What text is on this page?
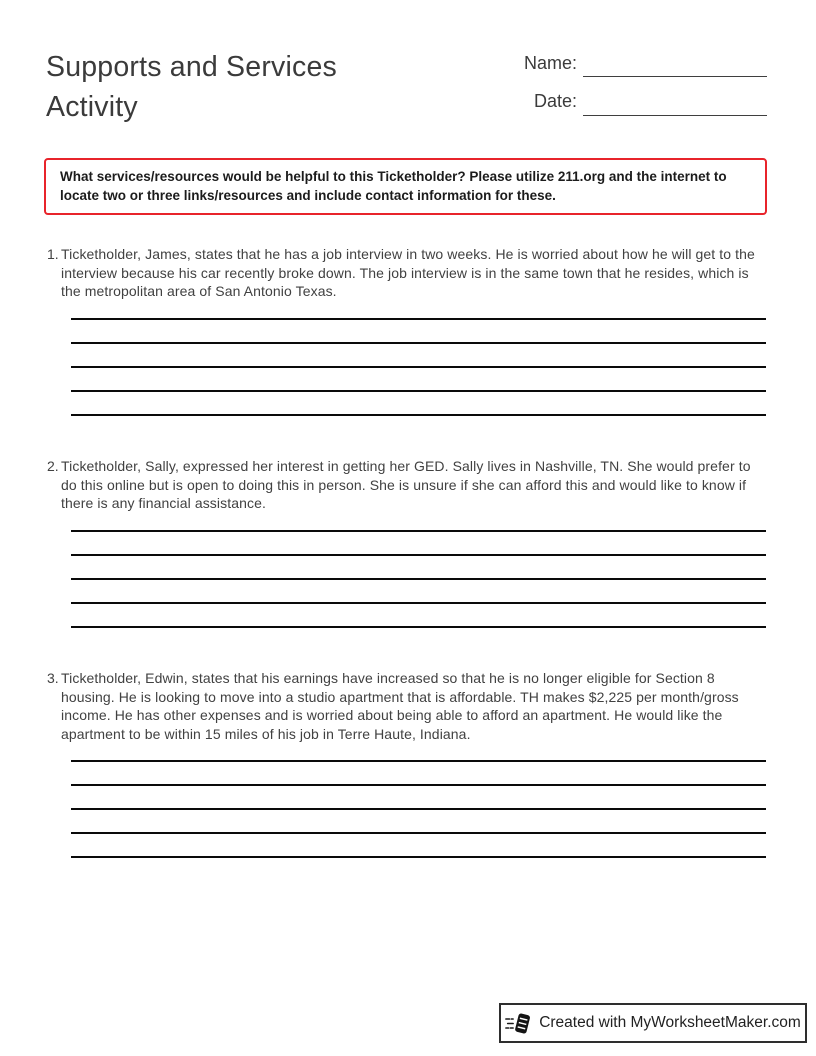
Supports and Services Activity
Name:
Date:
What services/resources would be helpful to this Ticketholder? Please utilize 211.org and the internet to locate two or three links/resources and include contact information for these.
1. Ticketholder, James, states that he has a job interview in two weeks. He is worried about how he will get to the interview because his car recently broke down. The job interview is in the same town that he resides, which is the metropolitan area of San Antonio Texas.
2. Ticketholder, Sally, expressed her interest in getting her GED. Sally lives in Nashville, TN. She would prefer to do this online but is open to doing this in person. She is unsure if she can afford this and would like to know if there is any financial assistance.
3. Ticketholder, Edwin, states that his earnings have increased so that he is no longer eligible for Section 8 housing. He is looking to move into a studio apartment that is affordable. TH makes $2,225 per month/gross income. He has other expenses and is worried about being able to afford an apartment. He would like the apartment to be within 15 miles of his job in Terre Haute, Indiana.
Created with MyWorksheetMaker.com
